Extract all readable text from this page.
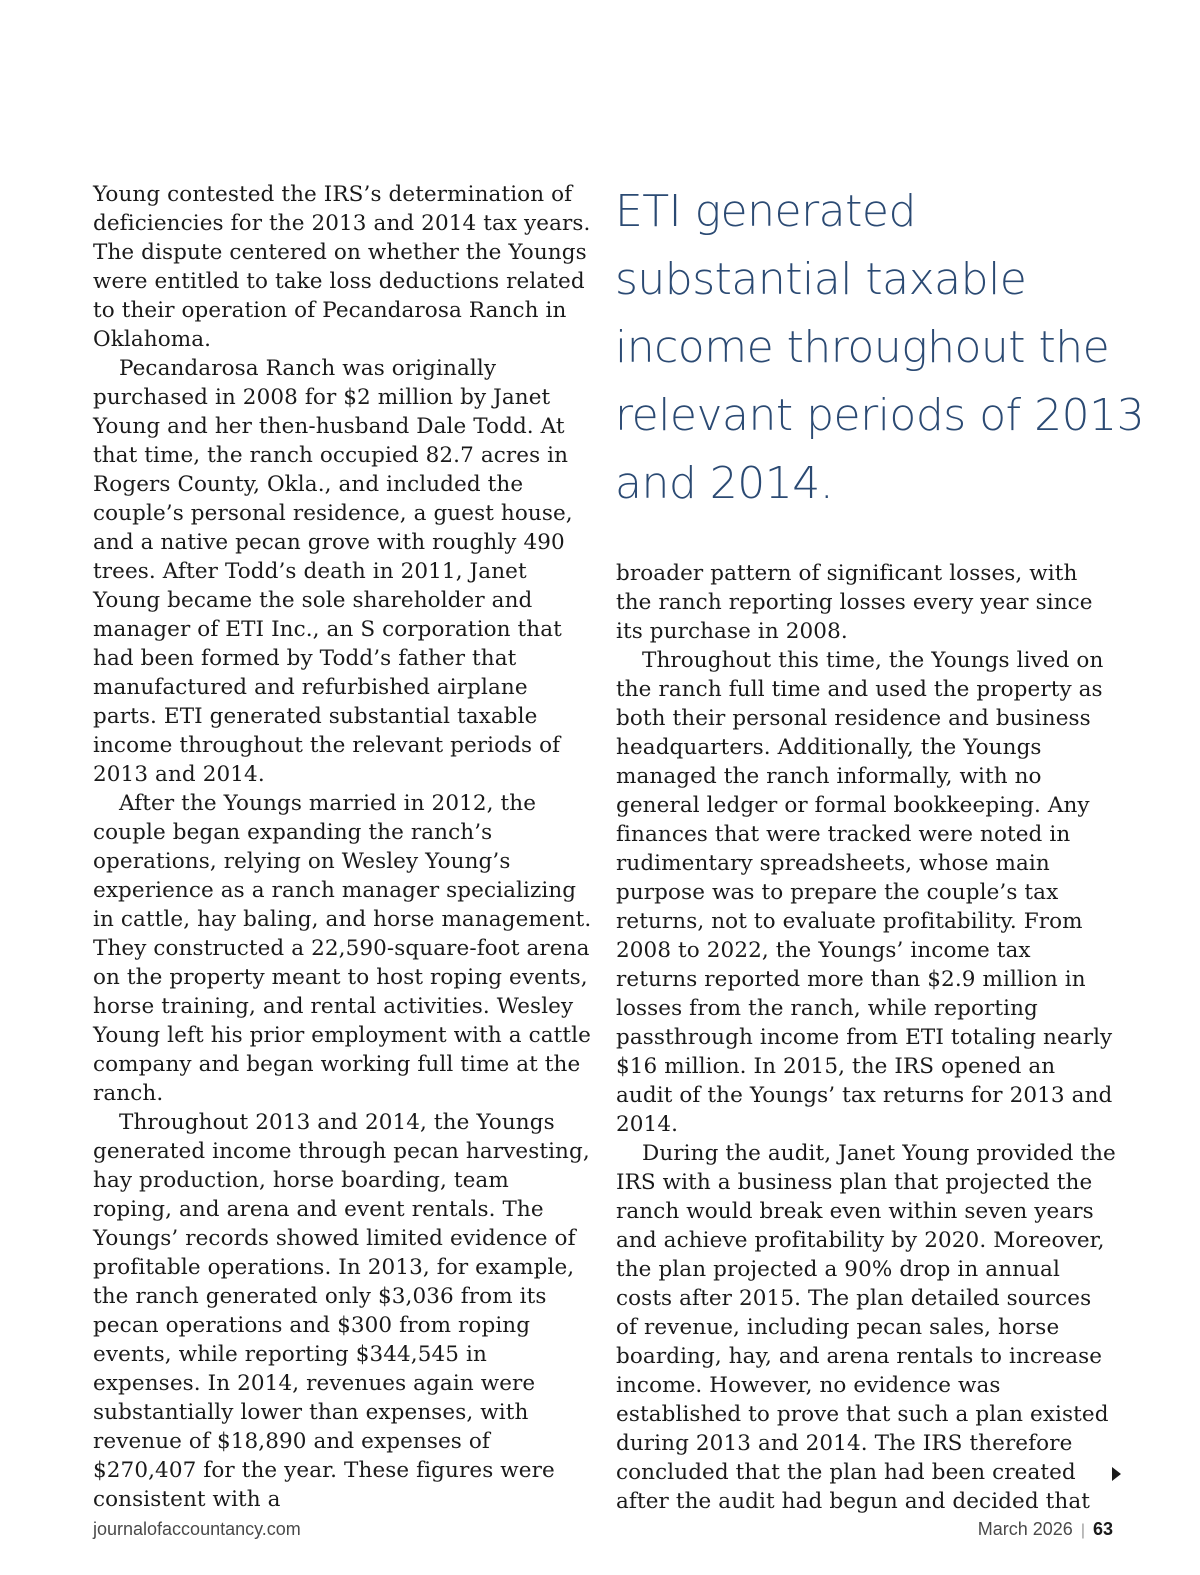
Young contested the IRS’s determination of deficiencies for the 2013 and 2014 tax years. The dispute centered on whether the Youngs were entitled to take loss deductions related to their operation of Pecandarosa Ranch in Oklahoma.

Pecandarosa Ranch was originally purchased in 2008 for $2 million by Janet Young and her then-husband Dale Todd. At that time, the ranch occupied 82.7 acres in Rogers County, Okla., and included the couple’s personal residence, a guest house, and a native pecan grove with roughly 490 trees. After Todd’s death in 2011, Janet Young became the sole shareholder and manager of ETI Inc., an S corporation that had been formed by Todd’s father that manufactured and refurbished airplane parts. ETI generated substantial taxable income throughout the relevant periods of 2013 and 2014.

After the Youngs married in 2012, the couple began expanding the ranch’s operations, relying on Wesley Young’s experience as a ranch manager specializing in cattle, hay baling, and horse management. They constructed a 22,590-square-foot arena on the property meant to host roping events, horse training, and rental activities. Wesley Young left his prior employment with a cattle company and began working full time at the ranch.

Throughout 2013 and 2014, the Youngs generated income through pecan harvesting, hay production, horse boarding, team roping, and arena and event rentals. The Youngs’ records showed limited evidence of profitable operations. In 2013, for example, the ranch generated only $3,036 from its pecan operations and $300 from roping events, while reporting $344,545 in expenses. In 2014, revenues again were substantially lower than expenses, with revenue of $18,890 and expenses of $270,407 for the year. These figures were consistent with a

ETI generated
substantial taxable
income throughout the
relevant periods of 2013
and 2014.

broader pattern of significant losses, with the ranch reporting losses every year since its purchase in 2008.

Throughout this time, the Youngs lived on the ranch full time and used the property as both their personal residence and business headquarters. Additionally, the Youngs managed the ranch informally, with no general ledger or formal bookkeeping. Any finances that were tracked were noted in rudimentary spreadsheets, whose main purpose was to prepare the couple’s tax returns, not to evaluate profitability. From 2008 to 2022, the Youngs’ income tax returns reported more than $2.9 million in losses from the ranch, while reporting passthrough income from ETI totaling nearly $16 million. In 2015, the IRS opened an audit of the Youngs’ tax returns for 2013 and 2014.

During the audit, Janet Young provided the IRS with a business plan that projected the ranch would break even within seven years and achieve profitability by 2020. Moreover, the plan projected a 90% drop in annual costs after 2015. The plan detailed sources of revenue, including pecan sales, horse boarding, hay, and arena rentals to increase income. However, no evidence was established to prove that such a plan existed during 2013 and 2014. The IRS therefore concluded that the plan had been created after the audit had begun and decided that

journalofaccountancy.com	March 2026 | 63
